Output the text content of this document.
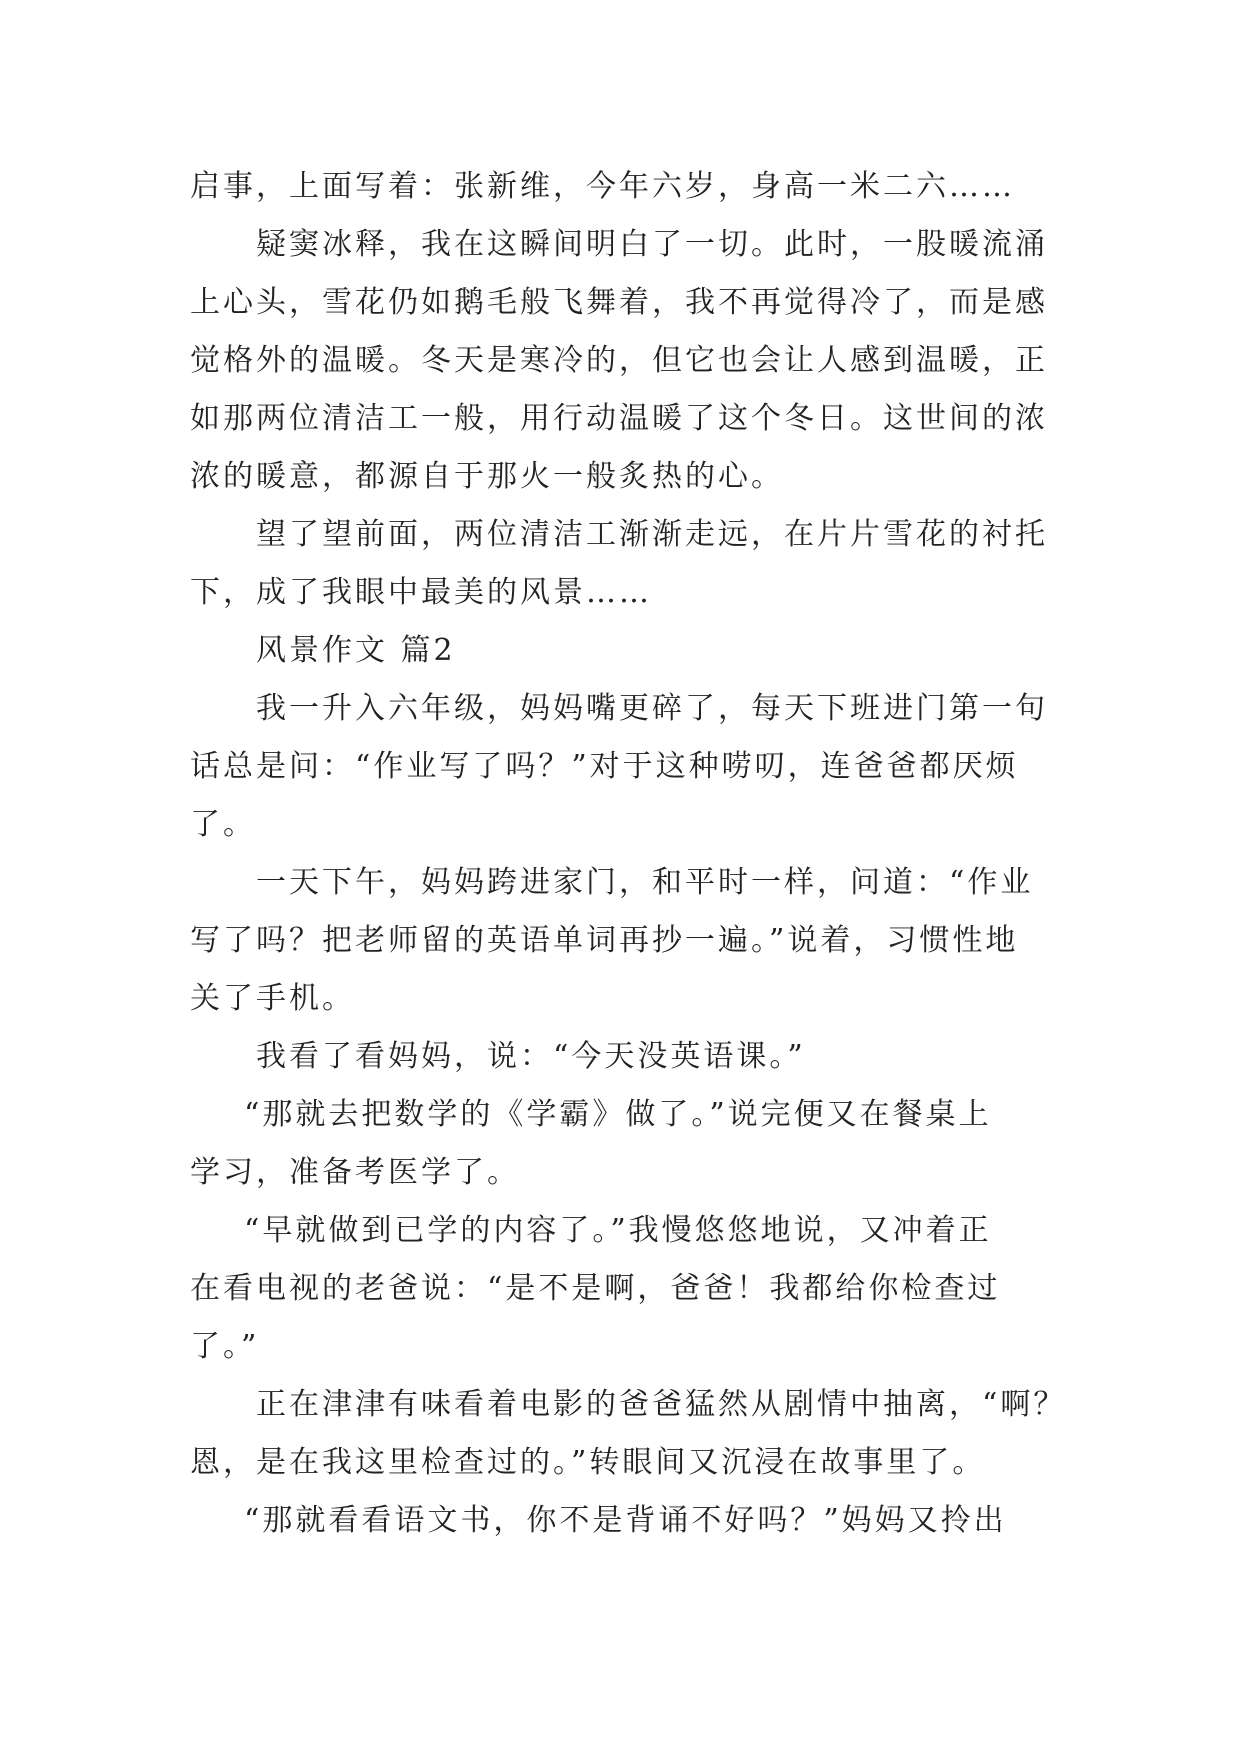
启事，上面写着：张新维，今年六岁，身高一米二六……
疑窦冰释，我在这瞬间明白了一切。此时，一股暖流涌
上心头，雪花仍如鹅毛般飞舞着，我不再觉得冷了，而是感
觉格外的温暖。冬天是寒冷的，但它也会让人感到温暖，正
如那两位清洁工一般，用行动温暖了这个冬日。这世间的浓
浓的暖意，都源自于那火一般炙热的心。
望了望前面，两位清洁工渐渐走远，在片片雪花的衬托
下，成了我眼中最美的风景……
风景作文 篇2
我一升入六年级，妈妈嘴更碎了，每天下班进门第一句
话总是问：“作业写了吗？”对于这种唠叨，连爸爸都厌烦
了。
一天下午，妈妈跨进家门，和平时一样，问道：“作业
写了吗？把老师留的英语单词再抄一遍。”说着，习惯性地
关了手机。
我看了看妈妈，说：“今天没英语课。”
“那就去把数学的《学霸》做了。”说完便又在餐桌上
学习，准备考医学了。
“早就做到已学的内容了。”我慢悠悠地说，又冲着正
在看电视的老爸说：“是不是啊，爸爸！我都给你检查过
了。”
正在津津有味看着电影的爸爸猛然从剧情中抽离，“啊？
恩，是在我这里检查过的。”转眼间又沉浸在故事里了。
“那就看看语文书，你不是背诵不好吗？”妈妈又拎出
